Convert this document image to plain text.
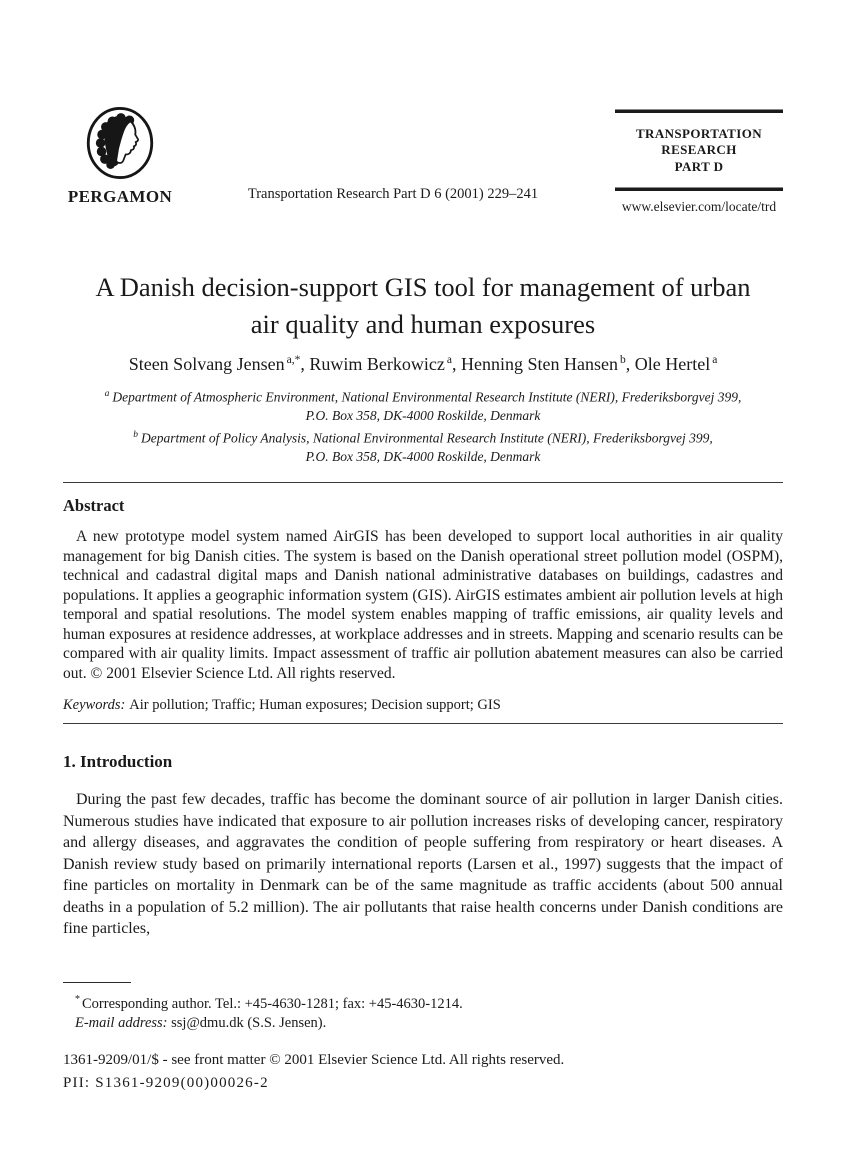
PERGAMON	Transportation Research Part D 6 (2001) 229–241
TRANSPORTATION
RESEARCH
PART D
www.elsevier.com/locate/trd
A Danish decision-support GIS tool for management of urban
air quality and human exposures
Steen Solvang Jensen $^{a,*}$, Ruwim Berkowicz $^a$, Henning Sten Hansen $^b$, Ole Hertel $^a$
$^a$ Department of Atmospheric Environment, National Environmental Research Institute (NERI), Frederiksborgvej 399,
P.O. Box 358, DK-4000 Roskilde, Denmark
$^b$ Department of Policy Analysis, National Environmental Research Institute (NERI), Frederiksborgvej 399,
P.O. Box 358, DK-4000 Roskilde, Denmark
Abstract

A new prototype model system named AirGIS has been developed to support local authorities in air quality management for big Danish cities. The system is based on the Danish operational street pollution model (OSPM), technical and cadastral digital maps and Danish national administrative databases on buildings, cadastres and populations. It applies a geographic information system (GIS). AirGIS estimates ambient air pollution levels at high temporal and spatial resolutions. The model system enables mapping of traffic emissions, air quality levels and human exposures at residence addresses, at workplace addresses and in streets. Mapping and scenario results can be compared with air quality limits. Impact assessment of traffic air pollution abatement measures can also be carried out. © 2001 Elsevier Science Ltd. All rights reserved.

Keywords: Air pollution; Traffic; Human exposures; Decision support; GIS

1. Introduction

During the past few decades, traffic has become the dominant source of air pollution in larger Danish cities. Numerous studies have indicated that exposure to air pollution increases risks of developing cancer, respiratory and allergy diseases, and aggravates the condition of people suffering from respiratory or heart diseases. A Danish review study based on primarily international reports (Larsen et al., 1997) suggests that the impact of fine particles on mortality in Denmark can be of the same magnitude as traffic accidents (about 500 annual deaths in a population of 5.2 million). The air pollutants that raise health concerns under Danish conditions are fine particles,

* Corresponding author. Tel.: +45-4630-1281; fax: +45-4630-1214.
E-mail address: ssj@dmu.dk (S.S. Jensen).
1361-9209/01/$ - see front matter © 2001 Elsevier Science Ltd. All rights reserved.
PII: S1361-9209(00)00026-2
